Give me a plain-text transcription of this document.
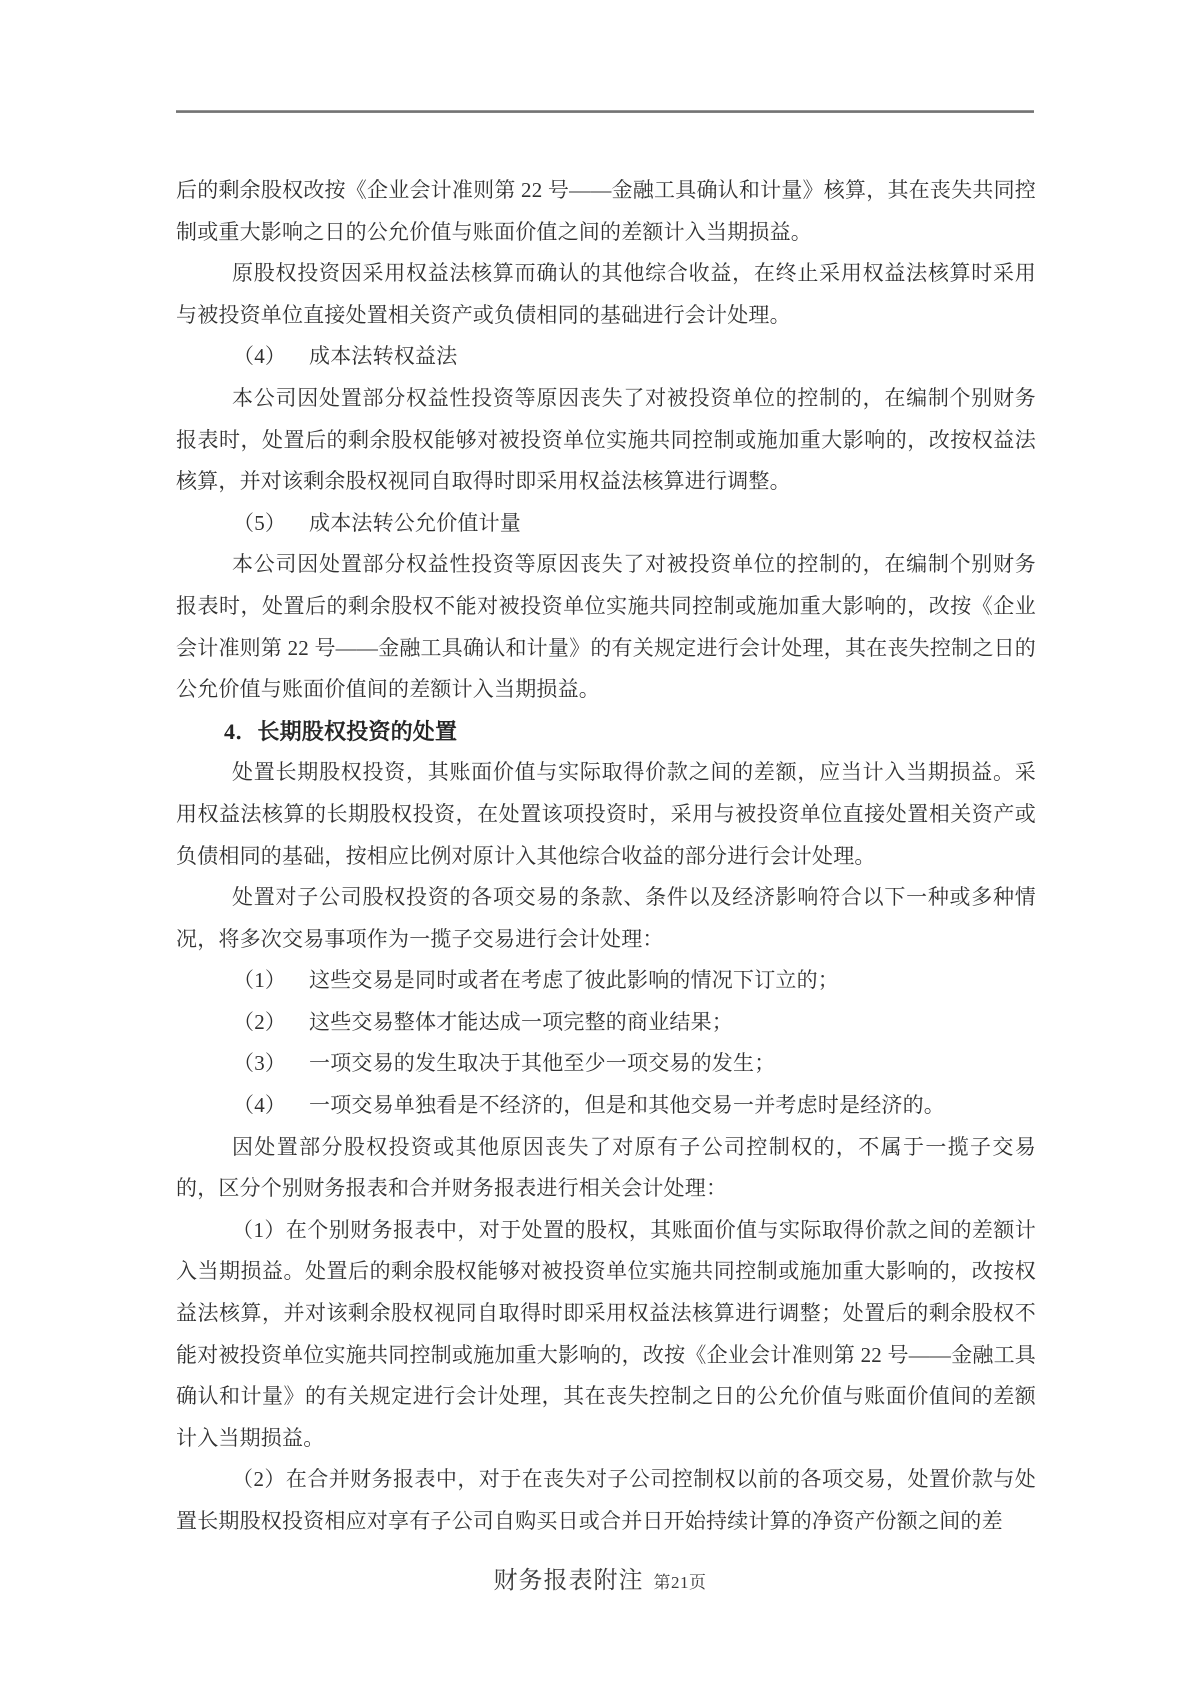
后的剩余股权改按《企业会计准则第 22 号——金融工具确认和计量》核算，其在丧失共同控制或重大影响之日的公允价值与账面价值之间的差额计入当期损益。

原股权投资因采用权益法核算而确认的其他综合收益，在终止采用权益法核算时采用与被投资单位直接处置相关资产或负债相同的基础进行会计处理。

（4） 成本法转权益法

本公司因处置部分权益性投资等原因丧失了对被投资单位的控制的，在编制个别财务报表时，处置后的剩余股权能够对被投资单位实施共同控制或施加重大影响的，改按权益法核算，并对该剩余股权视同自取得时即采用权益法核算进行调整。

（5） 成本法转公允价值计量

本公司因处置部分权益性投资等原因丧失了对被投资单位的控制的，在编制个别财务报表时，处置后的剩余股权不能对被投资单位实施共同控制或施加重大影响的，改按《企业会计准则第 22 号——金融工具确认和计量》的有关规定进行会计处理，其在丧失控制之日的公允价值与账面价值间的差额计入当期损益。

4．长期股权投资的处置

处置长期股权投资，其账面价值与实际取得价款之间的差额，应当计入当期损益。采用权益法核算的长期股权投资，在处置该项投资时，采用与被投资单位直接处置相关资产或负债相同的基础，按相应比例对原计入其他综合收益的部分进行会计处理。

处置对子公司股权投资的各项交易的条款、条件以及经济影响符合以下一种或多种情况，将多次交易事项作为一揽子交易进行会计处理：

（1） 这些交易是同时或者在考虑了彼此影响的情况下订立的；

（2） 这些交易整体才能达成一项完整的商业结果；

（3） 一项交易的发生取决于其他至少一项交易的发生；

（4） 一项交易单独看是不经济的，但是和其他交易一并考虑时是经济的。

因处置部分股权投资或其他原因丧失了对原有子公司控制权的，不属于一揽子交易的，区分个别财务报表和合并财务报表进行相关会计处理：

（1）在个别财务报表中，对于处置的股权，其账面价值与实际取得价款之间的差额计入当期损益。处置后的剩余股权能够对被投资单位实施共同控制或施加重大影响的，改按权益法核算，并对该剩余股权视同自取得时即采用权益法核算进行调整；处置后的剩余股权不能对被投资单位实施共同控制或施加重大影响的，改按《企业会计准则第 22 号——金融工具确认和计量》的有关规定进行会计处理，其在丧失控制之日的公允价值与账面价值间的差额计入当期损益。

（2）在合并财务报表中，对于在丧失对子公司控制权以前的各项交易，处置价款与处置长期股权投资相应对享有子公司自购买日或合并日开始持续计算的净资产份额之间的差

财务报表附注 第21页
